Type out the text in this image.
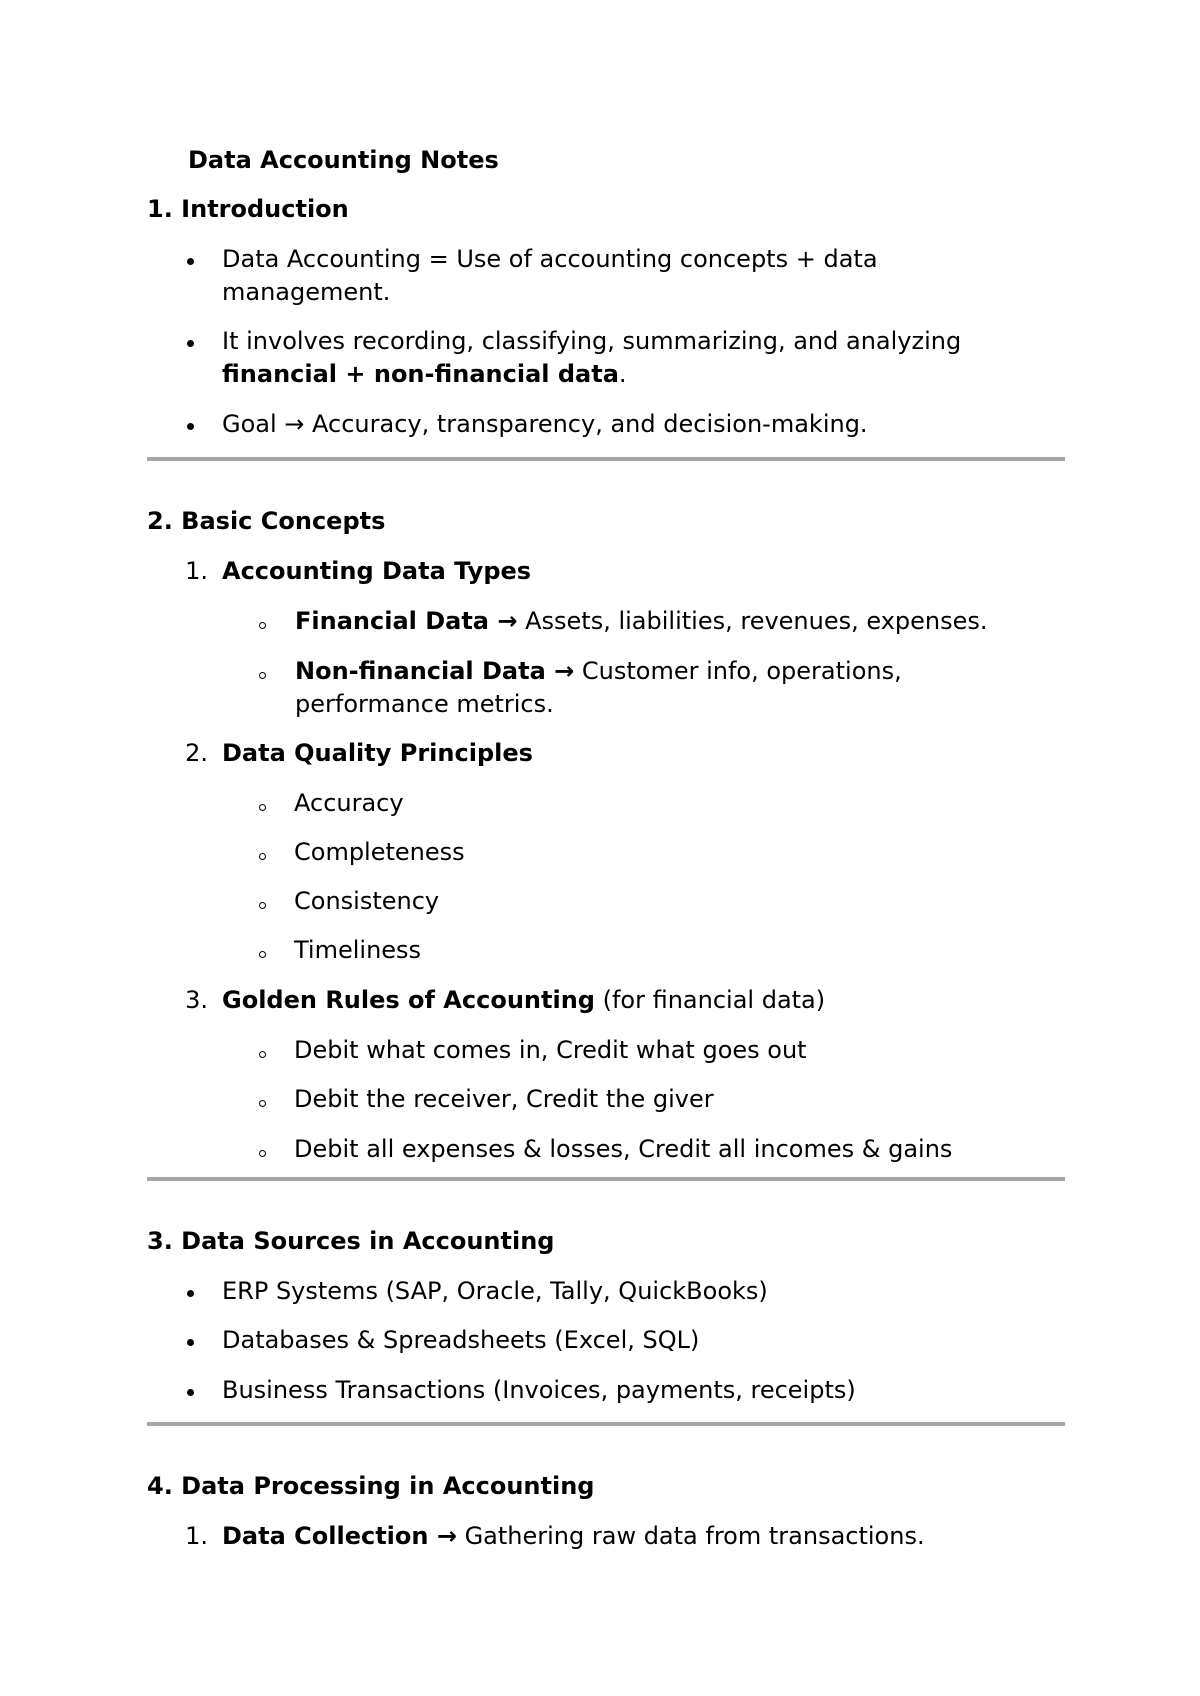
Data Accounting Notes
1. Introduction
Data Accounting = Use of accounting concepts + data
management.
It involves recording, classifying, summarizing, and analyzing
financial + non-financial data.
Goal → Accuracy, transparency, and decision-making.
2. Basic Concepts
1. Accounting Data Types
Financial Data → Assets, liabilities, revenues, expenses.
Non-financial Data → Customer info, operations,
performance metrics.
2. Data Quality Principles
Accuracy
Completeness
Consistency
Timeliness
3. Golden Rules of Accounting (for financial data)
Debit what comes in, Credit what goes out
Debit the receiver, Credit the giver
Debit all expenses & losses, Credit all incomes & gains
3. Data Sources in Accounting
ERP Systems (SAP, Oracle, Tally, QuickBooks)
Databases & Spreadsheets (Excel, SQL)
Business Transactions (Invoices, payments, receipts)
4. Data Processing in Accounting
1. Data Collection → Gathering raw data from transactions.
